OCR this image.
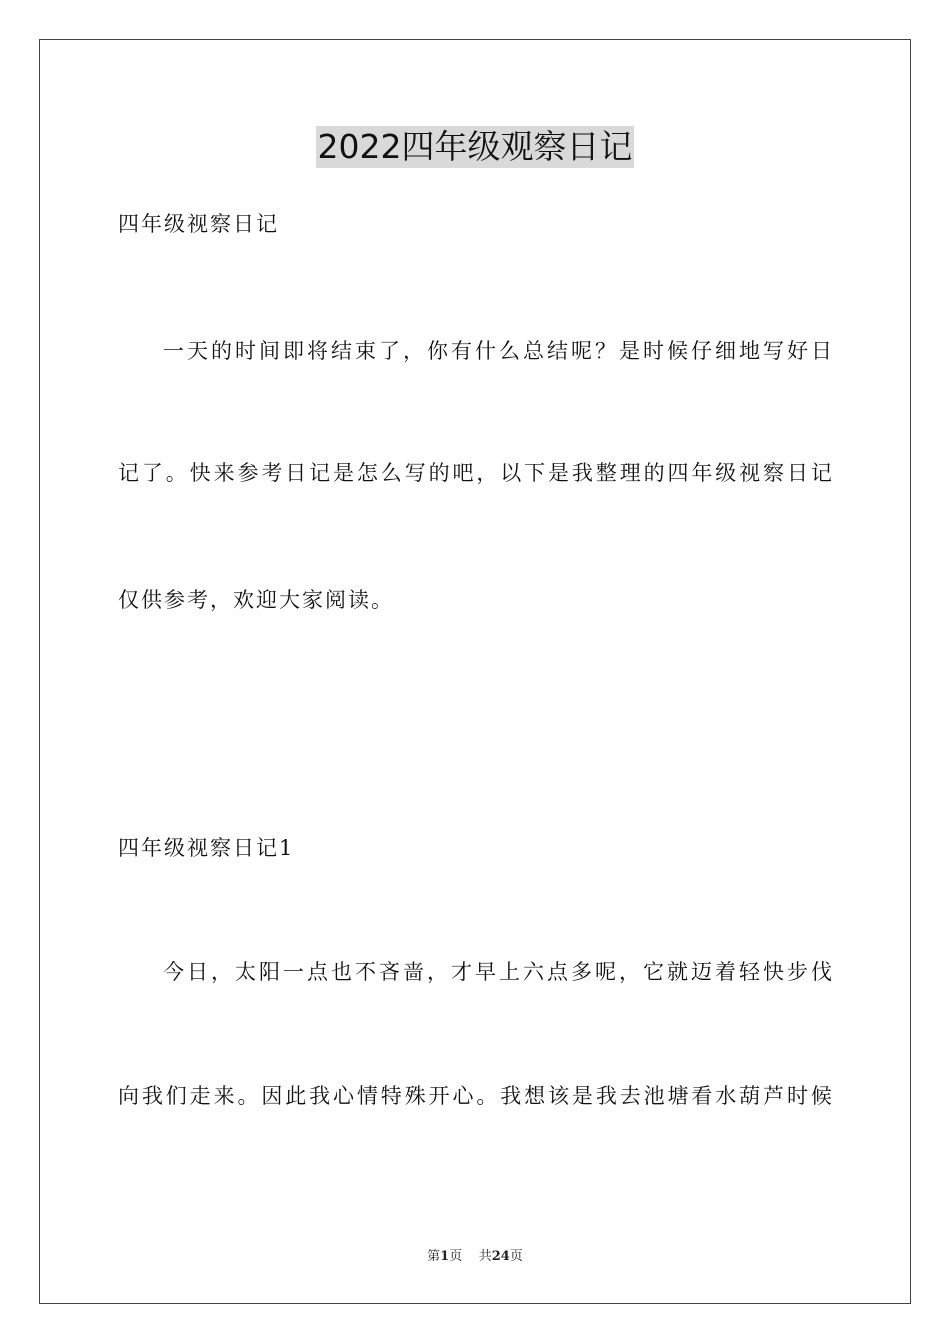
2022四年级观察日记
四年级视察日记
一 天 的 时 间 即 将 结 束 了 ， 你 有 什 么 总 结 呢 ？ 是 时 候 仔 细 地 写 好 日
记 了 。 快 来 参 考 日 记 是 怎 么 写 的 吧 ， 以 下 是 我 整 理 的 四 年 级 视 察 日 记
仅供参考，欢迎大家阅读。
四年级视察日记1
今 日 ， 太 阳 一 点 也 不 吝 啬 ， 才 早 上 六 点 多 呢 ， 它 就 迈 着 轻 快 步 伐
向 我 们 走 来 。 因 此 我 心 情 特 殊 开 心 。 我 想 该 是 我 去 池 塘 看 水 葫 芦 时 候
第1页 共24页
